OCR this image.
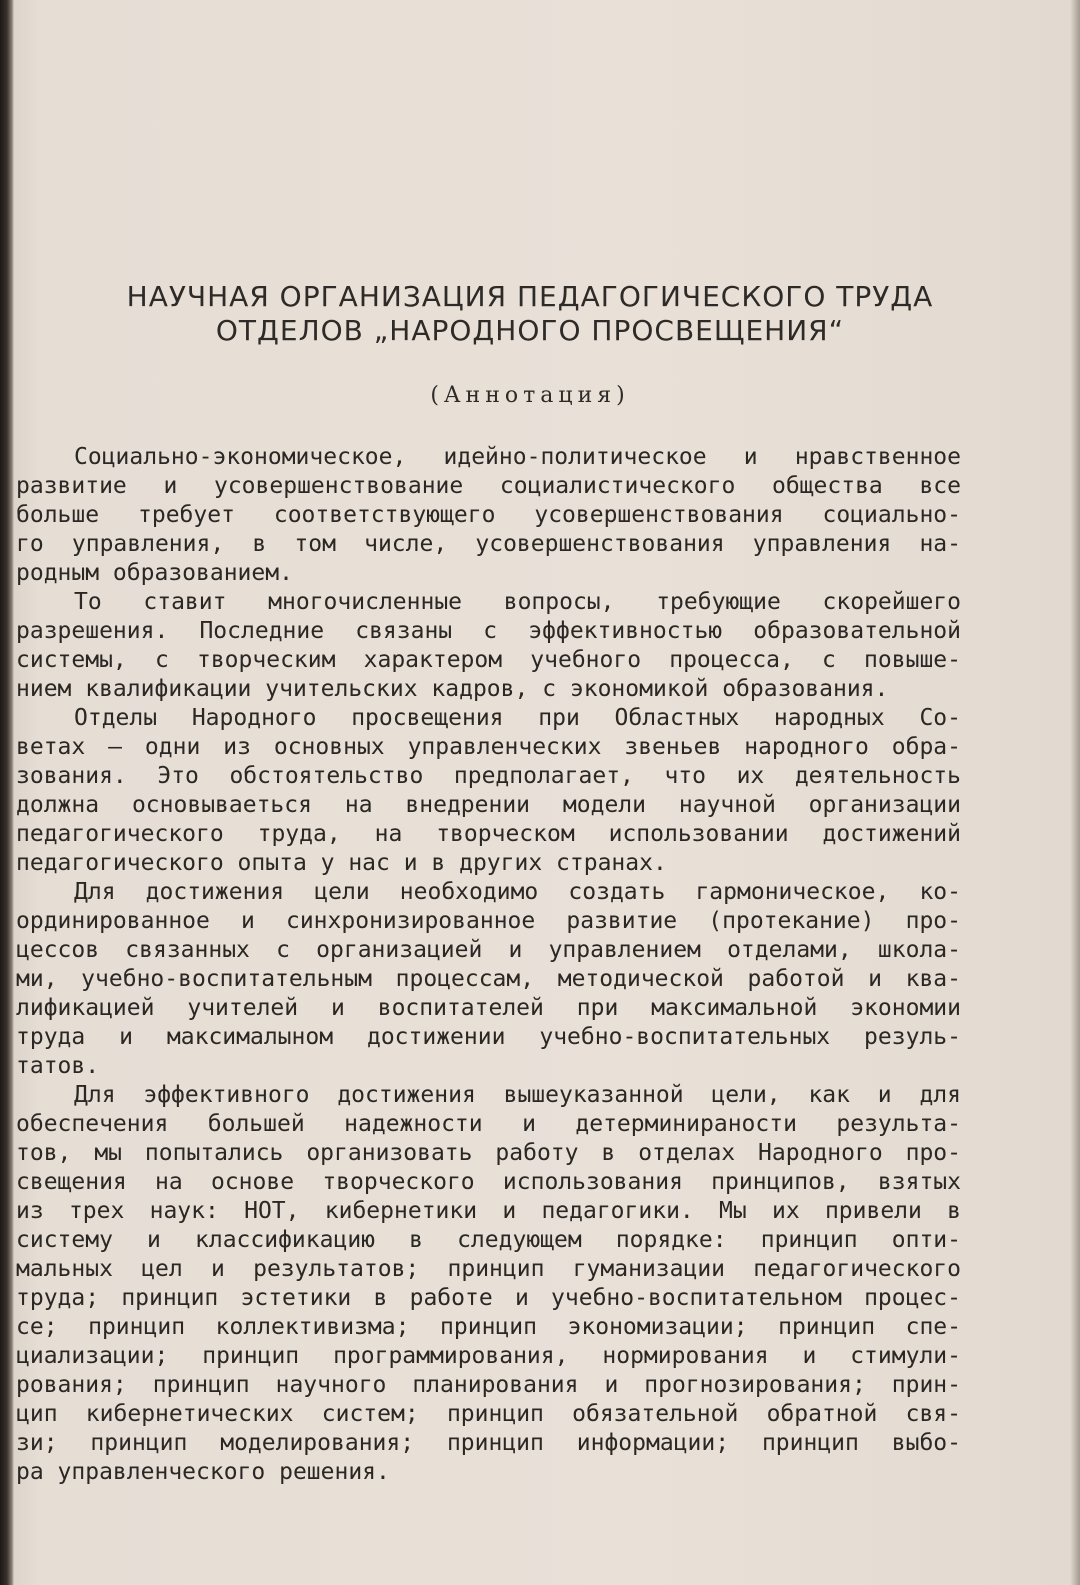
НАУЧНАЯ ОРГАНИЗАЦИЯ ПЕДАГОГИЧЕСКОГО ТРУДА
ОТДЕЛОВ „НАРОДНОГО ПРОСВЕЩЕНИЯ“
(Аннотация)
Социально-экономическое, идейно-политическое и нравственное
развитие и усовершенствование социалистического общества все
больше требует соответствующего усовершенствования социально-
го управления, в том числе, усовершенствования управления на-
родным образованием.
То ставит многочисленные вопросы, требующие скорейшего
разрешения. Последние связаны с эффективностью образовательной
системы, с творческим характером учебного процесса, с повыше-
нием квалификации учительских кадров, с экономикой образования.
Отделы Народного просвещения при Областных народных Со-
ветах — одни из основных управленческих звеньев народного обра-
зования. Это обстоятельство предполагает, что их деятельность
должна основываеться на внедрении модели научной организации
педагогического труда, на творческом использовании достижений
педагогического опыта у нас и в других странах.
Для достижения цели необходимо создать гармоническое, ко-
ординированное и синхронизированное развитие (протекание) про-
цессов связанных с организацией и управлением отделами, школа-
ми, учебно-воспитательным процессам, методической работой и ква-
лификацией учителей и воспитателей при максимальной экономии
труда и максималыном достижении учебно-воспитательных резуль-
татов.
Для эффективного достижения вышеуказанной цели, как и для
обеспечения большей надежности и детерминираности результа-
тов, мы попытались организовать работу в отделах Народного про-
свещения на основе творческого использования принципов, взятых
из трех наук: НОТ, кибернетики и педагогики. Мы их привели в
систему и классификацию в следующем порядке: принцип опти-
мальных цел и результатов; принцип гуманизации педагогического
труда; принцип эстетики в работе и учебно-воспитательном процес-
се; принцип коллективизма; принцип экономизации; принцип спе-
циализации; принцип программирования, нормирования и стимули-
рования; принцип научного планирования и прогнозирования; прин-
цип кибернетических систем; принцип обязательной обратной свя-
зи; принцип моделирования; принцип информации; принцип выбо-
ра управленческого решения.
